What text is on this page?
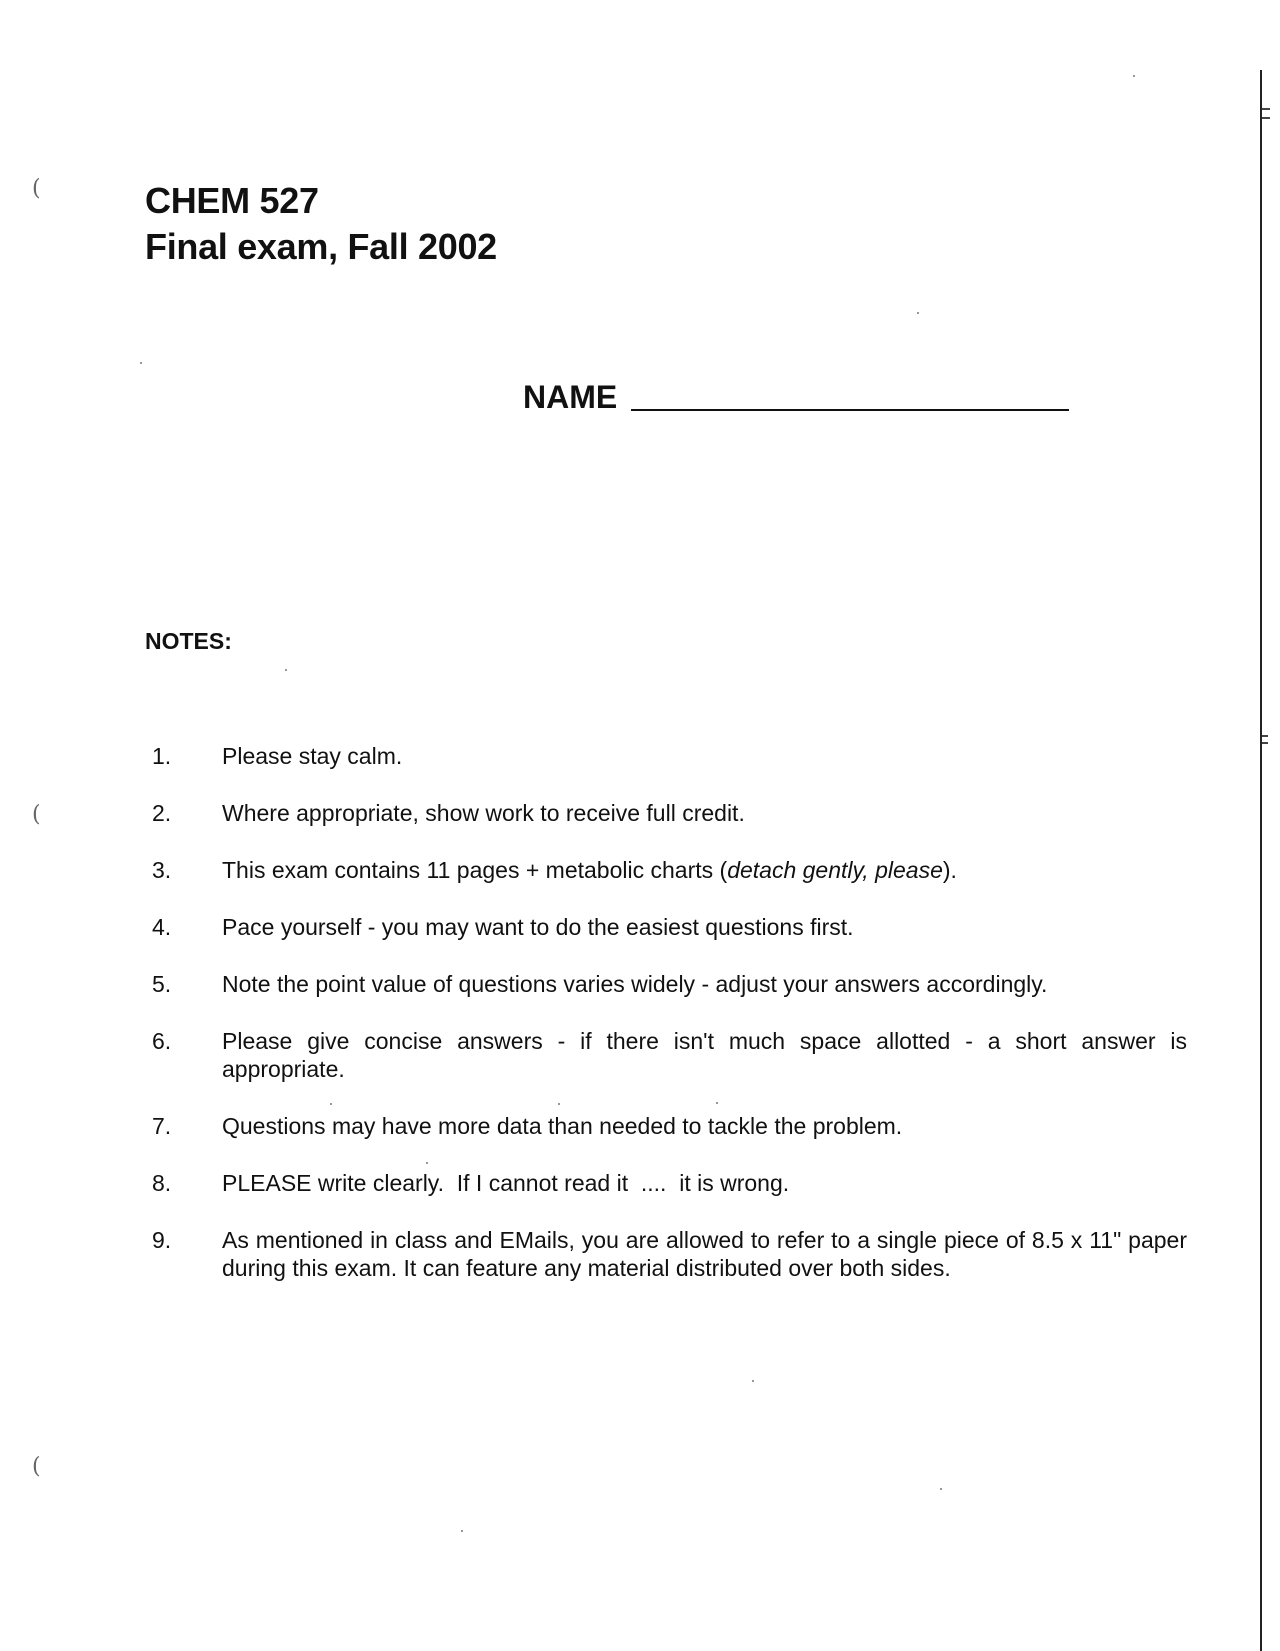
CHEM 527
Final exam, Fall 2002
NAME
NOTES:
1. Please stay calm.
2. Where appropriate, show work to receive full credit.
3. This exam contains 11 pages + metabolic charts (detach gently, please).
4. Pace yourself - you may want to do the easiest questions first.
5. Note the point value of questions varies widely - adjust your answers accordingly.
6. Please give concise answers - if there isn't much space allotted - a short answer is appropriate.
7. Questions may have more data than needed to tackle the problem.
8. PLEASE write clearly.  If I cannot read it  ....  it is wrong.
9. As mentioned in class and EMails, you are allowed to refer to a single piece of 8.5 x 11" paper during this exam. It can feature any material distributed over both sides.
(
(
(
